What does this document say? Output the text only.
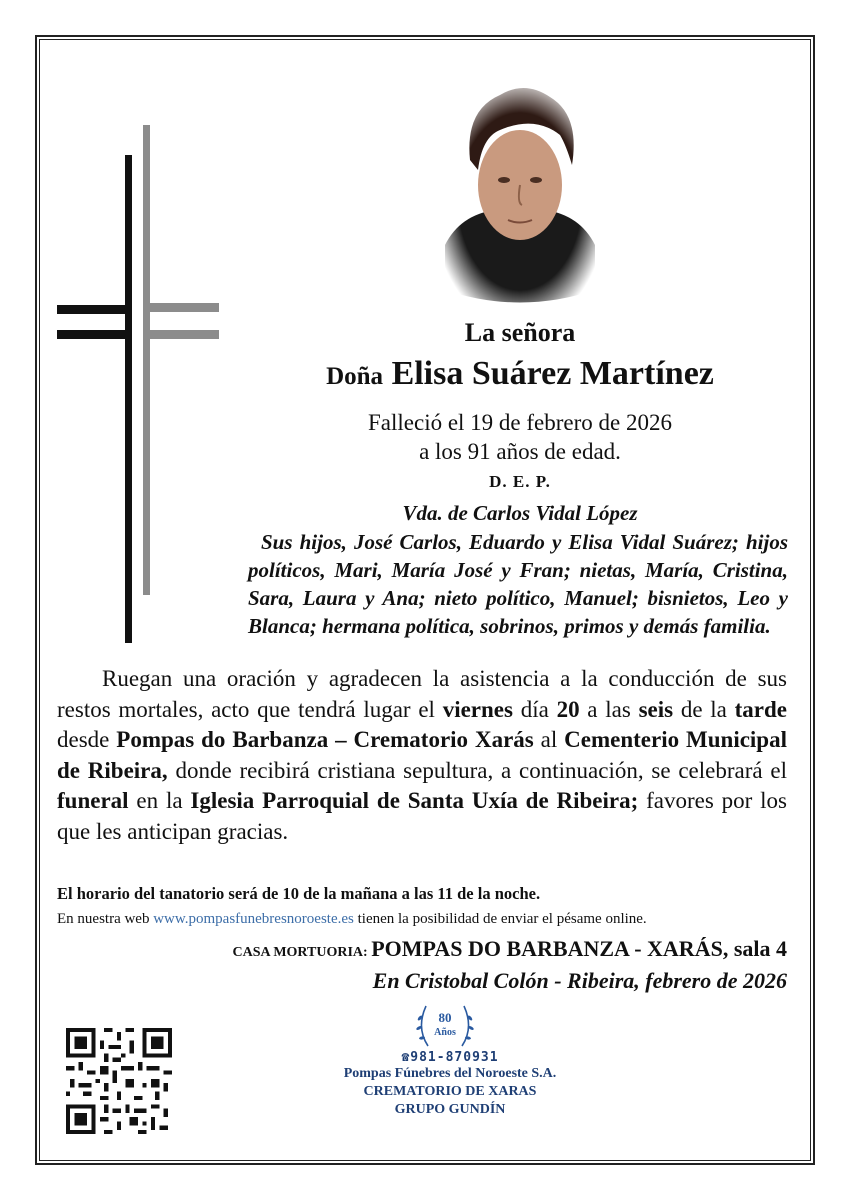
La señora
Doña Elisa Suárez Martínez
Falleció el 19 de febrero de 2026
a los 91 años de edad.
D. E. P.
Vda. de Carlos Vidal López
Sus hijos, José Carlos, Eduardo y Elisa Vidal Suárez; hijos políticos, Mari, María José y Fran; nietas, María, Cristina, Sara, Laura y Ana; nieto político, Manuel; bisnietos, Leo y Blanca; hermana política, sobrinos, primos y demás familia.
Ruegan una oración y agradecen la asistencia a la conducción de sus restos mortales, acto que tendrá lugar el viernes día 20 a las seis de la tarde desde Pompas do Barbanza – Crematorio Xarás al Cementerio Municipal de Ribeira, donde recibirá cristiana sepultura, a continuación, se celebrará el funeral en la Iglesia Parroquial de Santa Uxía de Ribeira; favores por los que les anticipan gracias.
El horario del tanatorio será de 10 de la mañana a las 11 de la noche.
En nuestra web www.pompasfunebresnoroeste.es tienen la posibilidad de enviar el pésame online.
CASA MORTUORIA: POMPAS DO BARBANZA - XARÁS, sala 4
En Cristobal Colón - Ribeira, febrero de 2026
80
Años
☎981-870931
Pompas Fúnebres del Noroeste S.A.
CREMATORIO DE XARAS
GRUPO GUNDÍN
